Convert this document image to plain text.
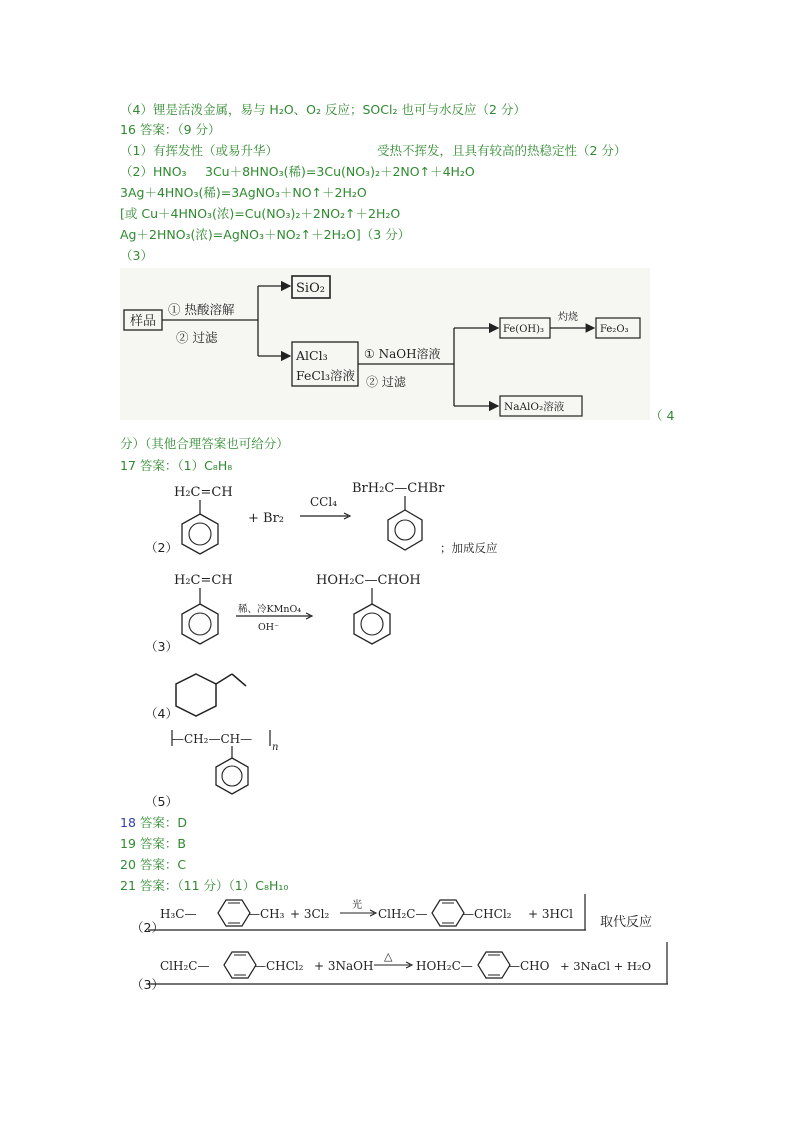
（4）锂是活泼金属，易与 H₂O、O₂ 反应；SOCl₂ 也可与水反应（2 分）
16 答案：（9 分）
（1）有挥发性（或易升华）	受热不挥发，且具有较高的热稳定性（2 分）
（2）HNO₃ 3Cu＋8HNO₃(稀)=3Cu(NO₃)₂＋2NO↑＋4H₂O
3Ag＋4HNO₃(稀)=3AgNO₃＋NO↑＋2H₂O
[或 Cu＋4HNO₃(浓)=Cu(NO₃)₂＋2NO₂↑＋2H₂O
Ag＋2HNO₃(浓)=AgNO₃＋NO₂↑＋2H₂O]（3 分）
（3）
样品
① 热酸溶解
② 过滤
SiO₂
AlCl₃
FeCl₃溶液
① NaOH溶液
② 过滤
Fe(OH)₃
灼烧
Fe₂O₃
NaAlO₂溶液
（ 4
分）（其他合理答案也可给分）
17 答案：（1）C₈H₈
H₂C=CH
+ Br₂
CCl₄
BrH₂C—CHBr
（2）	；加成反应
H₂C=CH
稀、冷KMnO₄
OH⁻
HOH₂C—CHOH
（3）
（4）
—CH₂—CH—
n
（5）
18 答案：D
19 答案：B
20 答案：C
21 答案：（11 分）（1）C₈H₁₀
H₃C—	—CH₃ + 3Cl₂
光
ClH₂C—	—CHCl₂ + 3HCl
（2）	取代反应
ClH₂C—	—CHCl₂ + 3NaOH
△
HOH₂C—	—CHO + 3NaCl + H₂O
（3）
